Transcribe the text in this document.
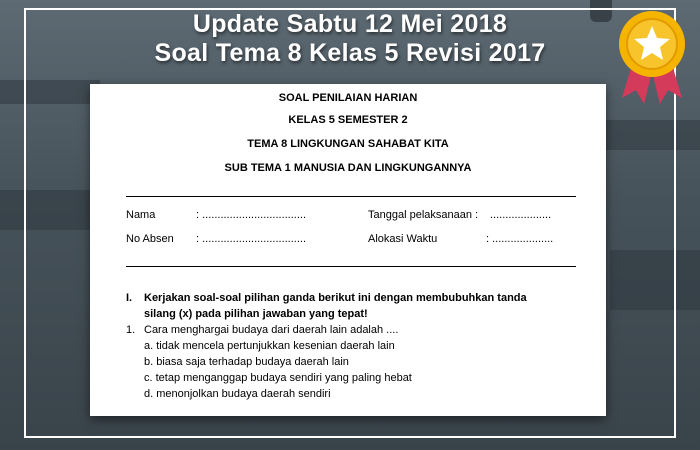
Update Sabtu 12 Mei 2018
Soal Tema 8 Kelas 5 Revisi 2017
SOAL PENILAIAN HARIAN
KELAS 5 SEMESTER 2
TEMA 8 LINGKUNGAN SAHABAT KITA
SUB TEMA 1 MANUSIA DAN LINGKUNGANNYA
Nama	: ..................................	Tanggal pelaksanaan : ....................
No Absen : ..................................	Alokasi Waktu	: ....................
I. Kerjakan soal-soal pilihan ganda berikut ini dengan membubuhkan tanda
silang (x) pada pilihan jawaban yang tepat!
1. Cara menghargai budaya dari daerah lain adalah ....
a. tidak mencela pertunjukkan kesenian daerah lain
b. biasa saja terhadap budaya daerah lain
c. tetap menganggap budaya sendiri yang paling hebat
d. menonjolkan budaya daerah sendiri
